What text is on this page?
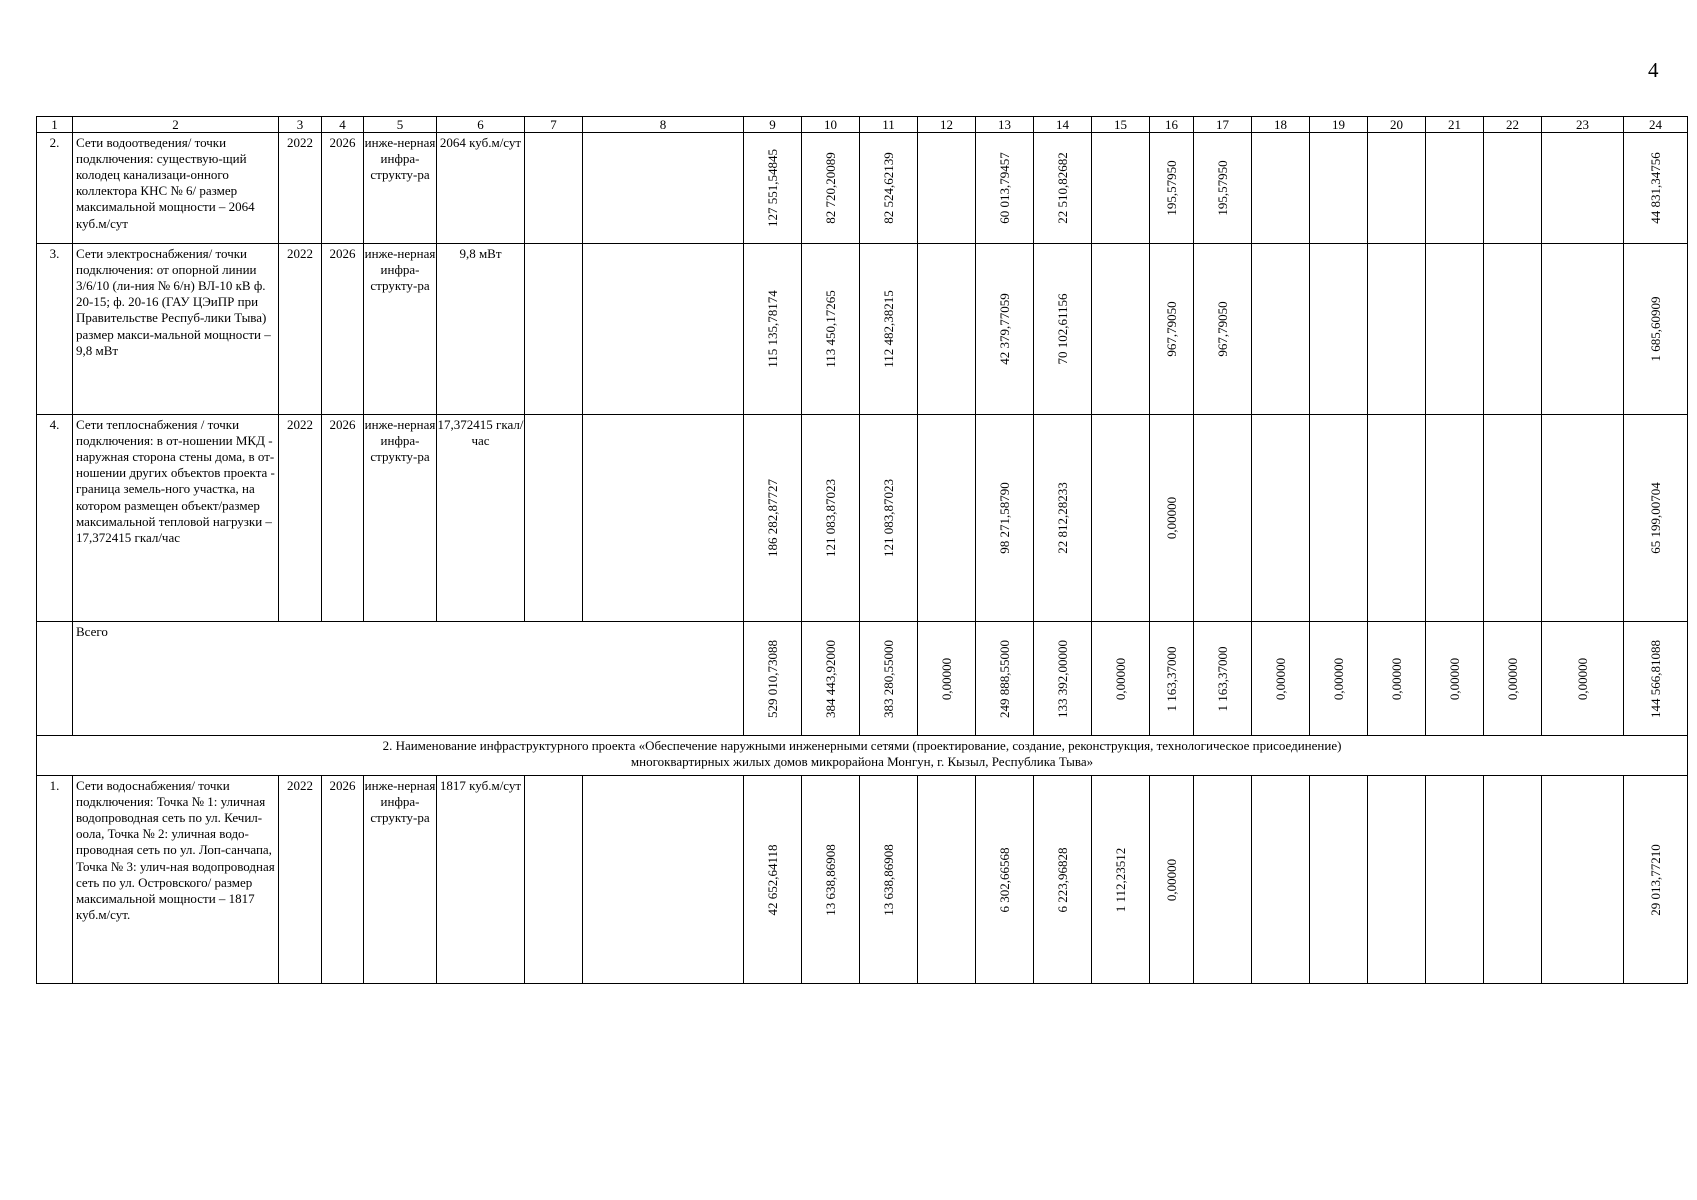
4
1	2	3	4	5	6	7	8	9	10	11	12	13	14	15	16	17	18	19	20	21	22	23	24
2.	Сети водоотведения/ точки подключения: существую-щий колодец канализаци-онного коллектора КНС № 6/ размер максимальной мощности – 2064 куб.м/сут	2022	2026	инже-нерная инфра-структу-ра	2064 куб.м/сут			127 551,54845	82 720,20089	82 524,62139		60 013,79457	22 510,82682		195,57950	195,57950							44 831,34756

3.	Сети электроснабжения/ точки подключения: от опорной линии 3/6/10 (ли-ния № 6/н) ВЛ-10 кВ ф. 20-15; ф. 20-16 (ГАУ ЦЭиПР при Правительстве Респуб-лики Тыва) размер макси-мальной мощности – 9,8 мВт	2022	2026	инже-нерная инфра-структу-ра	9,8 мВт			115 135,78174	113 450,17265	112 482,38215		42 379,77059	70 102,61156		967,79050	967,79050							1 685,60909

4.	Сети теплоснабжения / точки подключения: в от-ношении МКД - наружная сторона стены дома, в от-ношении других объектов проекта - граница земель-ного участка, на котором размещен объект/размер максимальной тепловой нагрузки – 17,372415 гкал/час	2022	2026	инже-нерная инфра-структу-ра	17,372415 гкал/час			186 282,87727	121 083,87023	121 083,87023		98 271,58790	22 812,28233		0,00000								65 199,00704

	Всего							529 010,73088	384 443,92000	383 280,55000	0,00000	249 888,55000	133 392,00000	0,00000	1 163,37000	1 163,37000	0,00000	0,00000	0,00000	0,00000	0,00000	0,00000	144 566,81088

2. Наименование инфраструктурного проекта «Обеспечение наружными инженерными сетями (проектирование, создание, реконструкция, технологическое присоединение) многоквартирных жилых домов микрорайона Монгун, г. Кызыл, Республика Тыва»																							

1.	Сети водоснабжения/ точки подключения: Точка № 1: уличная водопроводная сеть по ул. Кечил-оола, Точка № 2: уличная водо-проводная сеть по ул. Лоп-санчапа, Точка № 3: улич-ная водопроводная сеть по ул. Островского/ размер максимальной мощности – 1817 куб.м/сут.	2022	2026	инже-нерная инфра-структу-ра	1817 куб.м/сут			42 652,64118	13 638,86908	13 638,86908		6 302,66568	6 223,96828	1 112,23512	0,00000								29 013,77210
